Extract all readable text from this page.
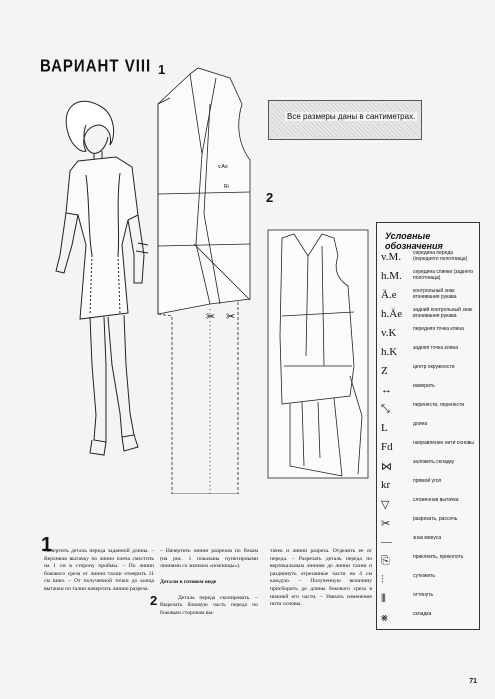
ВАРИАНТ VIII 1
v.Ao
Ri
✂ ✂
Все размеры даны в сантиметрах.
2
Условные обозначения
v.M.	середина переда (переднего полотнища)
h.M.	середина спинки (заднего полотнища)
Ä.e	контрольный знак втачивания рукава
h.Äe	задний контрольный знак втачивания рукава
v.K	передняя точка клина
h.K	задняя точка клина
Z	центр окружности
↔	измерить
⤡	перенести, перенести
L	длина
Fd	направление нити основы
⋈	заложить складку
kr	прямой угол
▽	сложенная вытачка
✂	разрезать, рассечь
—	знак минуса
⎘	приклеить, приколоть
⫶	сутюжить
⦀	оттянуть
⨳	складка
1
Начертить деталь переда заданной длины. – Верхнюю вытачку по линии плеча сместить на 1 см в сторону проймы. – По линии бокового среза от линии талии отмерить 11 см вниз. – От полученной точки до конца вытачки по талии начертить линию разреза.
– Начертить линии разрезов по бокам (на рис. 1 показаны пунктирными линиями со значком «ножницы»).
Детали в готовом виде
Деталь переда скопировать. – Вырезать боковую часть переда по боковым сторонам вы-
2
тачек и линии разреза. Отделить ее от переда. – Разрезать деталь переда по вертикальным линиям до линии талии и раздвинуть отрезанные части на 4 см каждую. – Полученную величину присборить до длины бокового среза в нижней его части. – Увязать изменение нити основы.
71
